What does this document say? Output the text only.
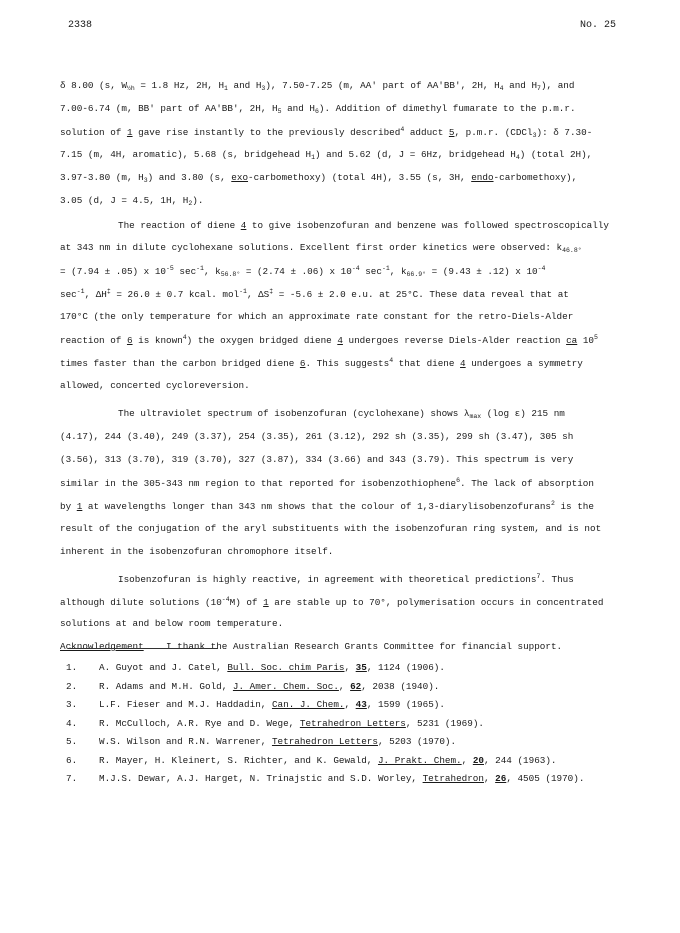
2338	No. 25
δ 8.00 (s, $W_{\frac{1}{2}h} = 1.8$ Hz, 2H, $H_1$ and $H_3$), 7.50-7.25 (m, AA' part of AA'BB', 2H, $H_4$ and $H_7$), and
7.00-6.74 (m, BB' part of AA'BB', 2H, $H_5$ and $H_6$). Addition of dimethyl fumarate to the p.m.r.
solution of 1 gave rise instantly to the previously described$^4$ adduct 5, p.m.r. (CDCl$_3$): δ 7.30-
7.15 (m, 4H, aromatic), 5.68 (s, bridgehead $H_1$) and 5.62 (d, J = 6Hz, bridgehead $H_4$) (total 2H),
3.97-3.80 (m, $H_3$) and 3.80 (s, exo-carbomethoxy) (total 4H), 3.55 (s, 3H, endo-carbomethoxy),
3.05 (d, J = 4.5, 1H, $H_2$).
The reaction of diene 4 to give isobenzofuran and benzene was followed spectroscopically
at 343 nm in dilute cyclohexane solutions. Excellent first order kinetics were observed: $k_{46.8^\circ}$
= (7.94 ± .05) x $10^{-5}$ $\sec^{-1}$, $k_{56.8^\circ} = (2.74 \pm .06)$ x $10^{-4}$ $\sec^{-1}$, $k_{66.9^\circ} = (9.43 \pm .12)$ x $10^{-4}$
$\sec^{-1}$, ΔH‡ = 26.0 ± 0.7 kcal. mol$^{-1}$, ΔS‡ = -5.6 ± 2.0 e.u. at 25°C. These data reveal that at
170°C (the only temperature for which an approximate rate constant for the retro-Diels-Alder
reaction of 6 is known$^4$) the oxygen bridged diene 4 undergoes reverse Diels-Alder reaction ca $10^5$
times faster than the carbon bridged diene 6. This suggests$^4$ that diene 4 undergoes a symmetry
allowed, concerted cycloreversion.
The ultraviolet spectrum of isobenzofuran (cyclohexane) shows $\lambda_{max}$ (log ε) 215 nm
(4.17), 244 (3.40), 249 (3.37), 254 (3.35), 261 (3.12), 292 sh (3.35), 299 sh (3.47), 305 sh
(3.56), 313 (3.70), 319 (3.70), 327 (3.87), 334 (3.66) and 343 (3.79). This spectrum is very
similar in the 305-343 nm region to that reported for isobenzothiophene$^6$. The lack of absorption
by 1 at wavelengths longer than 343 nm shows that the colour of 1,3-diarylisobenzofurans$^2$ is the
result of the conjugation of the aryl substituents with the isobenzofuran ring system, and is not
inherent in the isobenzofuran chromophore itself.
Isobenzofuran is highly reactive, in agreement with theoretical predictions$^7$. Thus
although dilute solutions $(10^{-4}M)$ of 1 are stable up to 70°, polymerisation occurs in concentrated
solutions at and below room temperature.
Acknowledgement I thank the Australian Research Grants Committee for financial support.
1. A. Guyot and J. Catel, Bull. Soc. chim Paris, 35, 1124 (1906).
2. R. Adams and M.H. Gold, J. Amer. Chem. Soc., 62, 2038 (1940).
3. L.F. Fieser and M.J. Haddadin, Can. J. Chem., 43, 1599 (1965).
4. R. McCulloch, A.R. Rye and D. Wege, Tetrahedron Letters, 5231 (1969).
5. W.S. Wilson and R.N. Warrener, Tetrahedron Letters, 5203 (1970).
6. R. Mayer, H. Kleinert, S. Richter, and K. Gewald, J. Prakt. Chem., 20, 244 (1963).
7. M.J.S. Dewar, A.J. Harget, N. Trinajstic and S.D. Worley, Tetrahedron, 26, 4505 (1970).
